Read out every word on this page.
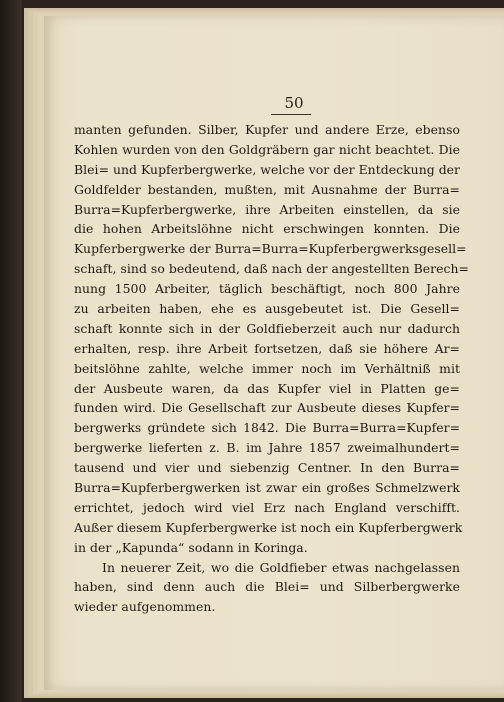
50
manten gefunden. Silber, Kupfer und andere Erze, ebenso
Kohlen wurden von den Goldgräbern gar nicht beachtet. Die
Blei= und Kupferbergwerke, welche vor der Entdeckung der
Goldfelder bestanden, mußten, mit Ausnahme der Burra=
Burra=Kupferbergwerke, ihre Arbeiten einstellen, da sie
die hohen Arbeitslöhne nicht erschwingen konnten. Die
Kupferbergwerke der Burra=Burra=Kupferbergwerksgesell=
schaft, sind so bedeutend, daß nach der angestellten Berech=
nung 1500 Arbeiter, täglich beschäftigt, noch 800 Jahre
zu arbeiten haben, ehe es ausgebeutet ist. Die Gesell=
schaft konnte sich in der Goldfieberzeit auch nur dadurch
erhalten, resp. ihre Arbeit fortsetzen, daß sie höhere Ar=
beitslöhne zahlte, welche immer noch im Verhältniß mit
der Ausbeute waren, da das Kupfer viel in Platten ge=
funden wird. Die Gesellschaft zur Ausbeute dieses Kupfer=
bergwerks gründete sich 1842. Die Burra=Burra=Kupfer=
bergwerke lieferten z. B. im Jahre 1857 zweimalhundert=
tausend und vier und siebenzig Centner. In den Burra=
Burra=Kupferbergwerken ist zwar ein großes Schmelzwerk
errichtet, jedoch wird viel Erz nach England verschifft.
Außer diesem Kupferbergwerke ist noch ein Kupferbergwerk
in der „Kapunda“ sodann in Koringa.
In neuerer Zeit, wo die Goldfieber etwas nachgelassen
haben, sind denn auch die Blei= und Silberbergwerke
wieder aufgenommen.
